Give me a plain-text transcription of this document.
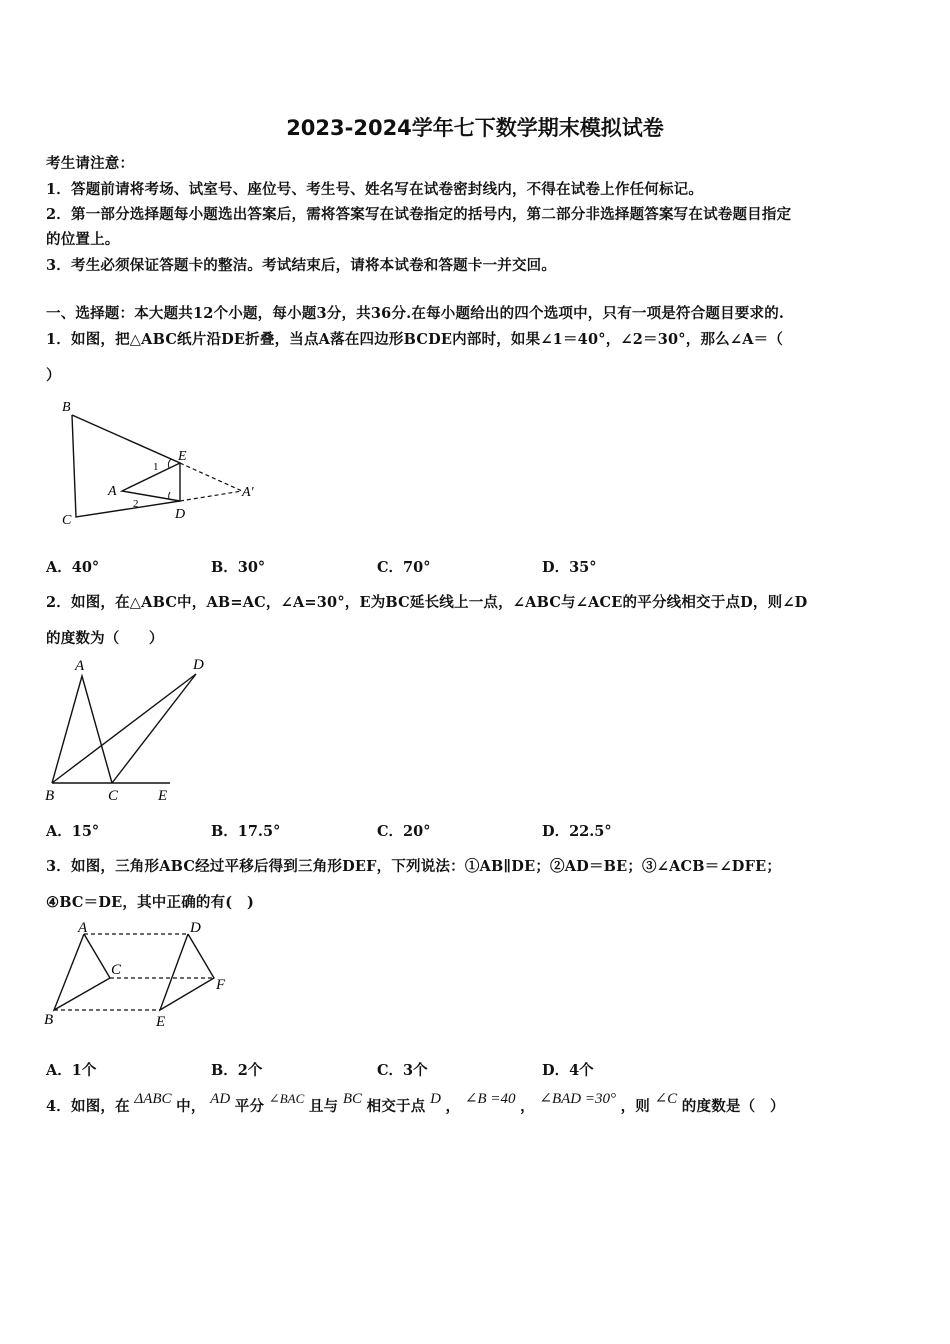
2023-2024学年七下数学期末模拟试卷
考生请注意：
1．答题前请将考场、试室号、座位号、考生号、姓名写在试卷密封线内，不得在试卷上作任何标记。
2．第一部分选择题每小题选出答案后，需将答案写在试卷指定的括号内，第二部分非选择题答案写在试卷题目指定
的位置上。
3．考生必须保证答题卡的整洁。考试结束后，请将本试卷和答题卡一并交回。
一、选择题：本大题共12个小题，每小题3分，共36分.在每小题给出的四个选项中，只有一项是符合题目要求的.
1．如图，把△ABC纸片沿DE折叠，当点A落在四边形BCDE内部时，如果∠1＝40°，∠2＝30°，那么∠A＝（
）
B
C
E
D
A	A′
1
2
A．40°	B．30°	C．70°	D．35°
2．如图，在△ABC中，AB=AC，∠A=30°，E为BC延长线上一点，∠ABC与∠ACE的平分线相交于点D，则∠D
的度数为（　　）
A	D
B	C	E
A．15°	B．17.5°	C．20°	D．22.5°
3．如图，三角形ABC经过平移后得到三角形DEF，下列说法：①AB∥DE；②AD＝BE；③∠ACB＝∠DFE；
④BC＝DE，其中正确的有(　)
A
C
B
D
F
E
A．1个	B．2个	C．3个	D．4个
4．如图，在 ΔABC 中， AD 平分 ∠BAC 且与 BC 相交于点 D ， ∠B =40 ， ∠BAD =30° ，则 ∠C 的度数是（　）
